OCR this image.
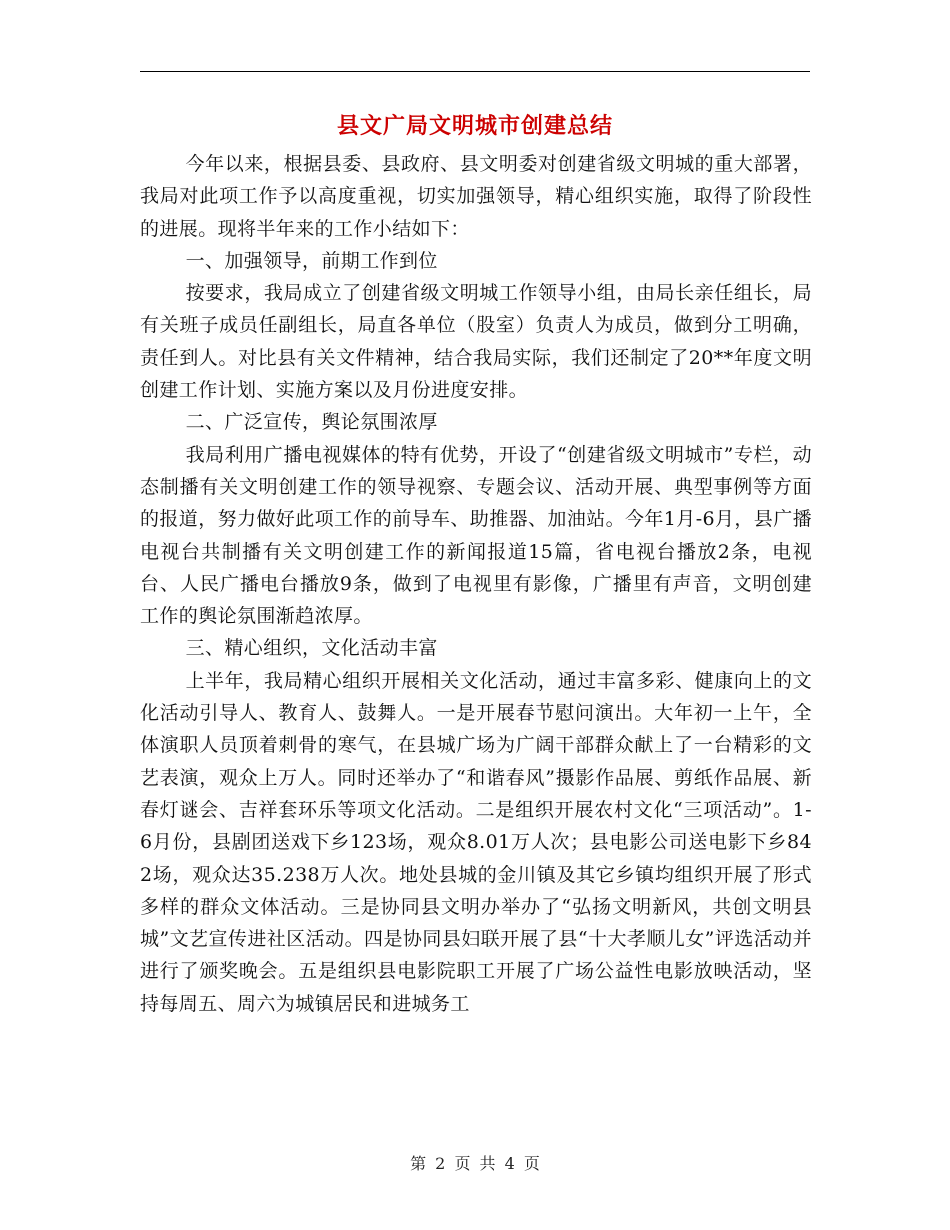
县文广局文明城市创建总结

今年以来，根据县委、县政府、县文明委对创建省级文明城的重大部署，我局对此项工作予以高度重视，切实加强领导，精心组织实施，取得了阶段性的进展。现将半年来的工作小结如下：

一、加强领导，前期工作到位

按要求，我局成立了创建省级文明城工作领导小组，由局长亲任组长，局有关班子成员任副组长，局直各单位（股室）负责人为成员，做到分工明确，责任到人。对比县有关文件精神，结合我局实际，我们还制定了20**年度文明创建工作计划、实施方案以及月份进度安排。

二、广泛宣传，舆论氛围浓厚

我局利用广播电视媒体的特有优势，开设了“创建省级文明城市”专栏，动态制播有关文明创建工作的领导视察、专题会议、活动开展、典型事例等方面的报道，努力做好此项工作的前导车、助推器、加油站。今年1月-6月，县广播电视台共制播有关文明创建工作的新闻报道15篇，省电视台播放2条，电视台、人民广播电台播放9条，做到了电视里有影像，广播里有声音，文明创建工作的舆论氛围渐趋浓厚。

三、精心组织，文化活动丰富

上半年，我局精心组织开展相关文化活动，通过丰富多彩、健康向上的文化活动引导人、教育人、鼓舞人。一是开展春节慰问演出。大年初一上午，全体演职人员顶着刺骨的寒气，在县城广场为广阔干部群众献上了一台精彩的文艺表演，观众上万人。同时还举办了“和谐春风”摄影作品展、剪纸作品展、新春灯谜会、吉祥套环乐等项文化活动。二是组织开展农村文化“三项活动”。1-6月份，县剧团送戏下乡123场，观众8.01万人次；县电影公司送电影下乡842场，观众达35.238万人次。地处县城的金川镇及其它乡镇均组织开展了形式多样的群众文体活动。三是协同县文明办举办了“弘扬文明新风，共创文明县城”文艺宣传进社区活动。四是协同县妇联开展了县“十大孝顺儿女”评选活动并进行了颁奖晚会。五是组织县电影院职工开展了广场公益性电影放映活动，坚持每周五、周六为城镇居民和进城务工

第 2 页 共 4 页
